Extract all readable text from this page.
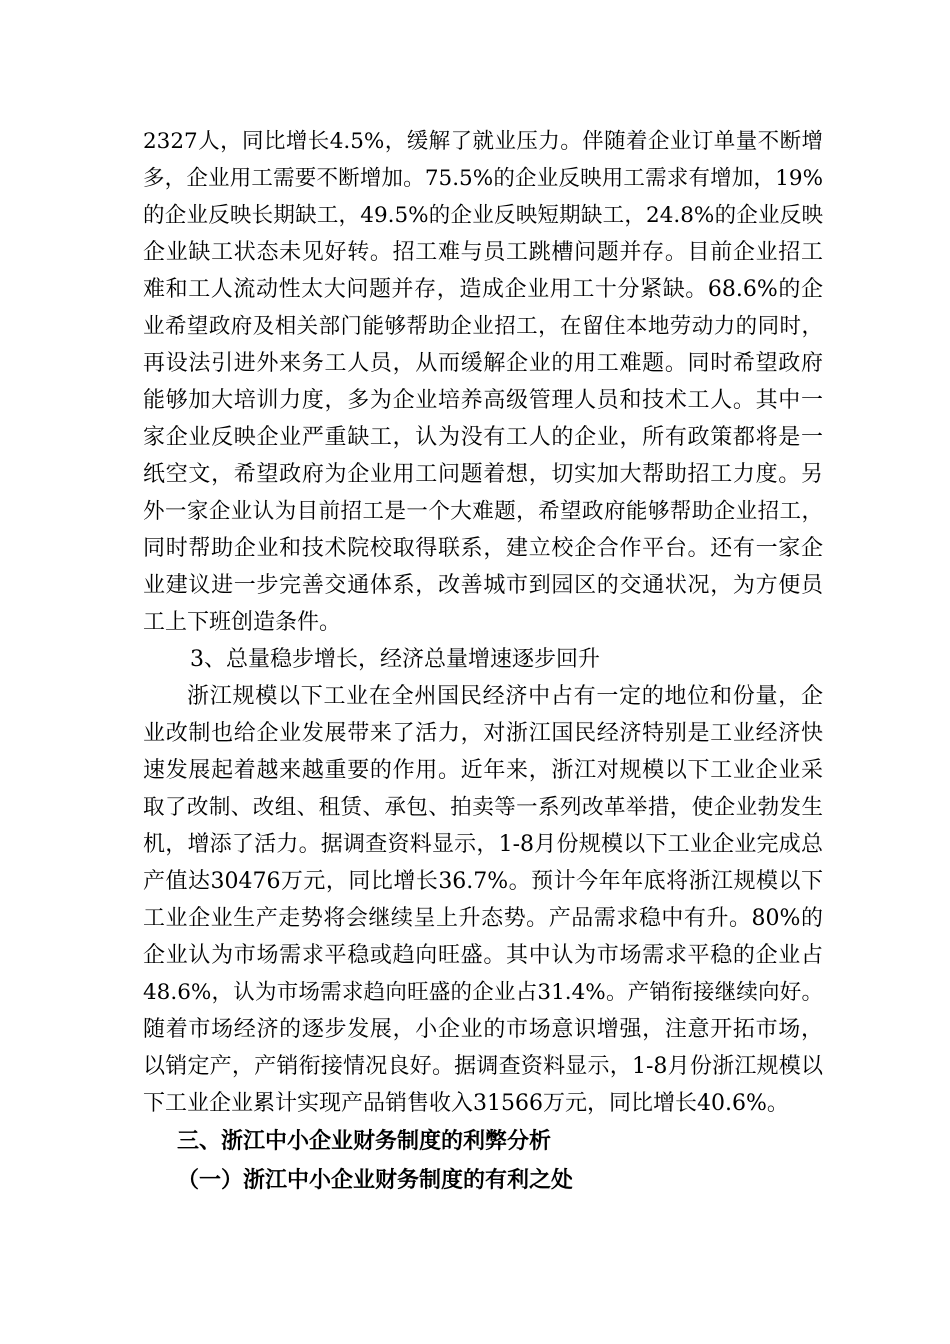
2327人，同比增长4.5%，缓解了就业压力。伴随着企业订单量不断增
多，企业用工需要不断增加。75.5%的企业反映用工需求有增加，19%
的企业反映长期缺工，49.5%的企业反映短期缺工，24.8%的企业反映
企业缺工状态未见好转。招工难与员工跳槽问题并存。目前企业招工
难和工人流动性太大问题并存，造成企业用工十分紧缺。68.6%的企
业希望政府及相关部门能够帮助企业招工，在留住本地劳动力的同时，
再设法引进外来务工人员，从而缓解企业的用工难题。同时希望政府
能够加大培训力度，多为企业培养高级管理人员和技术工人。其中一
家企业反映企业严重缺工，认为没有工人的企业，所有政策都将是一
纸空文，希望政府为企业用工问题着想，切实加大帮助招工力度。另
外一家企业认为目前招工是一个大难题，希望政府能够帮助企业招工，
同时帮助企业和技术院校取得联系，建立校企合作平台。还有一家企
业建议进一步完善交通体系，改善城市到园区的交通状况，为方便员
工上下班创造条件。
3、总量稳步增长，经济总量增速逐步回升
浙江规模以下工业在全州国民经济中占有一定的地位和份量，企
业改制也给企业发展带来了活力，对浙江国民经济特别是工业经济快
速发展起着越来越重要的作用。近年来，浙江对规模以下工业企业采
取了改制、改组、租赁、承包、拍卖等一系列改革举措，使企业勃发生
机，增添了活力。据调查资料显示，1-8月份规模以下工业企业完成总
产值达30476万元，同比增长36.7%。预计今年年底将浙江规模以下
工业企业生产走势将会继续呈上升态势。产品需求稳中有升。80%的
企业认为市场需求平稳或趋向旺盛。其中认为市场需求平稳的企业占
48.6%，认为市场需求趋向旺盛的企业占31.4%。产销衔接继续向好。
随着市场经济的逐步发展，小企业的市场意识增强，注意开拓市场，
以销定产，产销衔接情况良好。据调查资料显示，1-8月份浙江规模以
下工业企业累计实现产品销售收入31566万元，同比增长40.6%。
三、浙江中小企业财务制度的利弊分析
（一）浙江中小企业财务制度的有利之处
